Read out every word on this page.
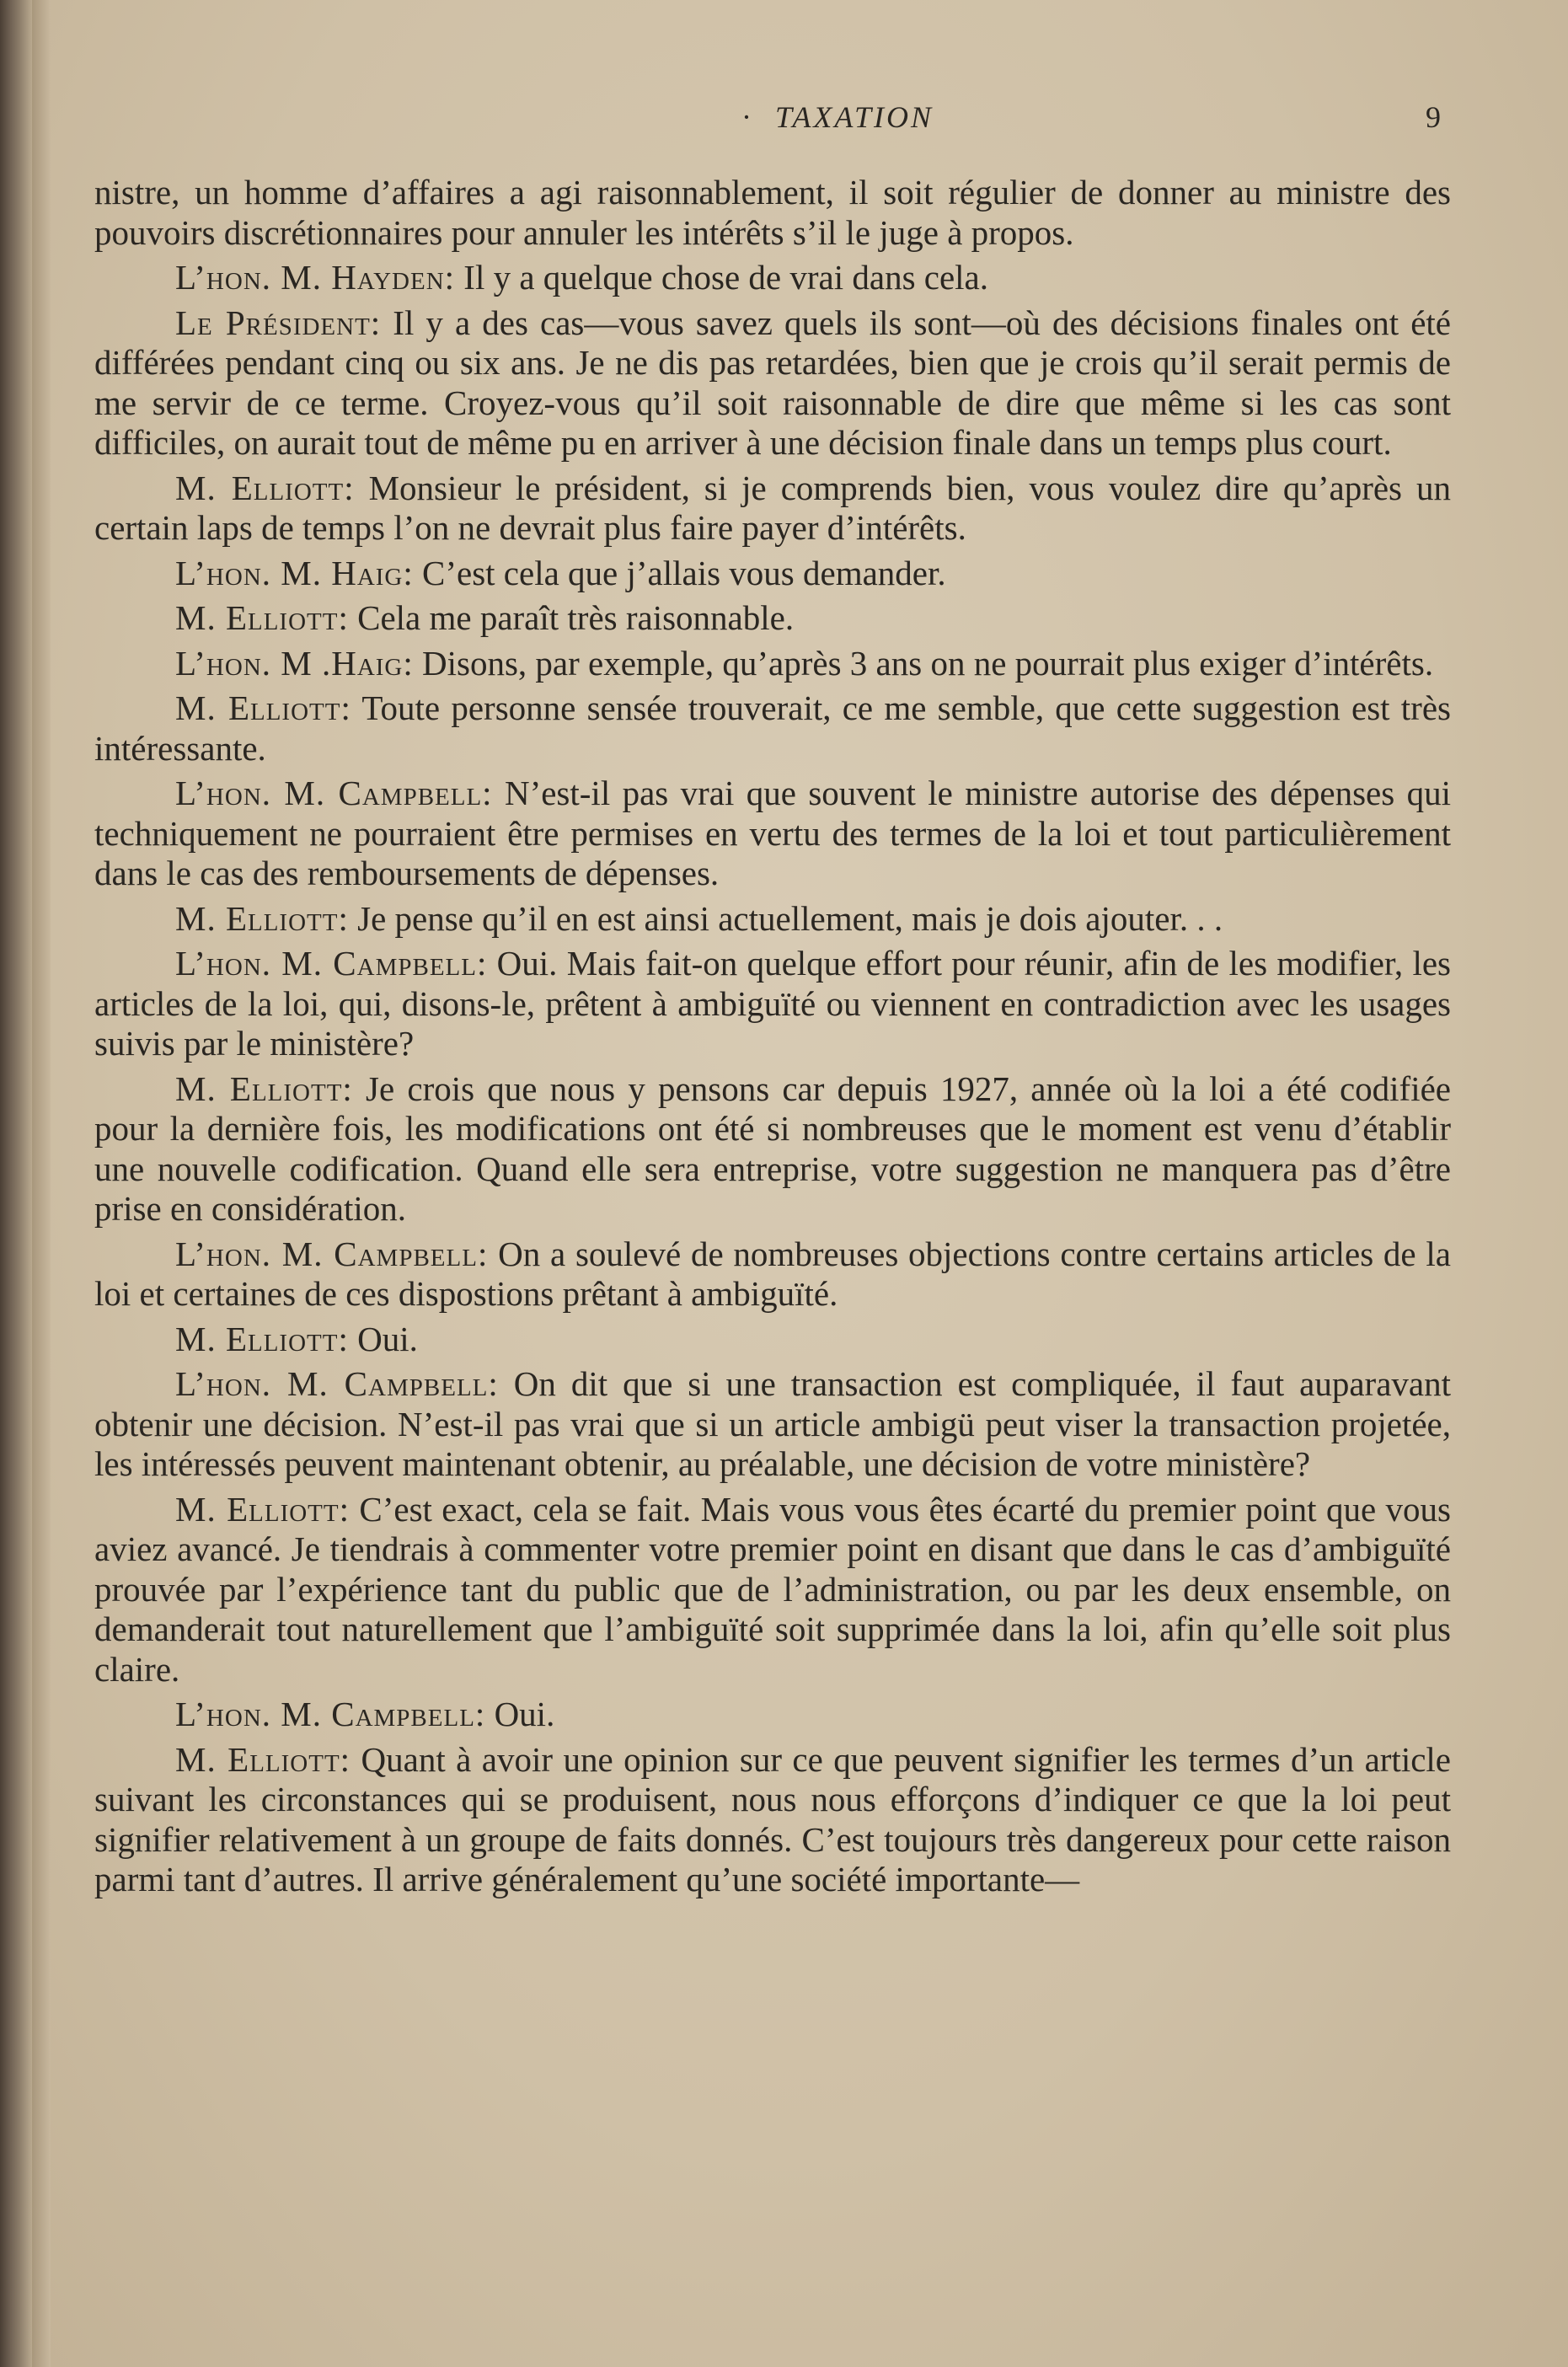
· TAXATION	9

nistre, un homme d’affaires a agi raisonnablement, il soit régulier de donner au ministre des pouvoirs discrétionnaires pour annuler les intérêts s’il le juge à propos.

L’hon. M. Hayden: Il y a quelque chose de vrai dans cela.

Le Président: Il y a des cas—vous savez quels ils sont—où des décisions finales ont été différées pendant cinq ou six ans. Je ne dis pas retardées, bien que je crois qu’il serait permis de me servir de ce terme. Croyez-vous qu’il soit raisonnable de dire que même si les cas sont difficiles, on aurait tout de même pu en arriver à une décision finale dans un temps plus court.

M. Elliott: Monsieur le président, si je comprends bien, vous voulez dire qu’après un certain laps de temps l’on ne devrait plus faire payer d’intérêts.

L’hon. M. Haig: C’est cela que j’allais vous demander.

M. Elliott: Cela me paraît très raisonnable.

L’hon. M .Haig: Disons, par exemple, qu’après 3 ans on ne pourrait plus exiger d’intérêts.

M. Elliott: Toute personne sensée trouverait, ce me semble, que cette suggestion est très intéressante.

L’hon. M. Campbell: N’est-il pas vrai que souvent le ministre autorise des dépenses qui techniquement ne pourraient être permises en vertu des termes de la loi et tout particulièrement dans le cas des remboursements de dépenses.

M. Elliott: Je pense qu’il en est ainsi actuellement, mais je dois ajouter. . .

L’hon. M. Campbell: Oui. Mais fait-on quelque effort pour réunir, afin de les modifier, les articles de la loi, qui, disons-le, prêtent à ambiguïté ou viennent en contradiction avec les usages suivis par le ministère?

M. Elliott: Je crois que nous y pensons car depuis 1927, année où la loi a été codifiée pour la dernière fois, les modifications ont été si nombreuses que le moment est venu d’établir une nouvelle codification. Quand elle sera entreprise, votre suggestion ne manquera pas d’être prise en considération.

L’hon. M. Campbell: On a soulevé de nombreuses objections contre certains articles de la loi et certaines de ces dispostions prêtant à ambiguïté.

M. Elliott: Oui.

L’hon. M. Campbell: On dit que si une transaction est compliquée, il faut auparavant obtenir une décision. N’est-il pas vrai que si un article ambigü peut viser la transaction projetée, les intéressés peuvent maintenant obtenir, au préalable, une décision de votre ministère?

M. Elliott: C’est exact, cela se fait. Mais vous vous êtes écarté du premier point que vous aviez avancé. Je tiendrais à commenter votre premier point en disant que dans le cas d’ambiguïté prouvée par l’expérience tant du public que de l’administration, ou par les deux ensemble, on demanderait tout naturellement que l’ambiguïté soit supprimée dans la loi, afin qu’elle soit plus claire.

L’hon. M. Campbell: Oui.

M. Elliott: Quant à avoir une opinion sur ce que peuvent signifier les termes d’un article suivant les circonstances qui se produisent, nous nous efforçons d’indiquer ce que la loi peut signifier relativement à un groupe de faits donnés. C’est toujours très dangereux pour cette raison parmi tant d’autres. Il arrive généralement qu’une société importante—
